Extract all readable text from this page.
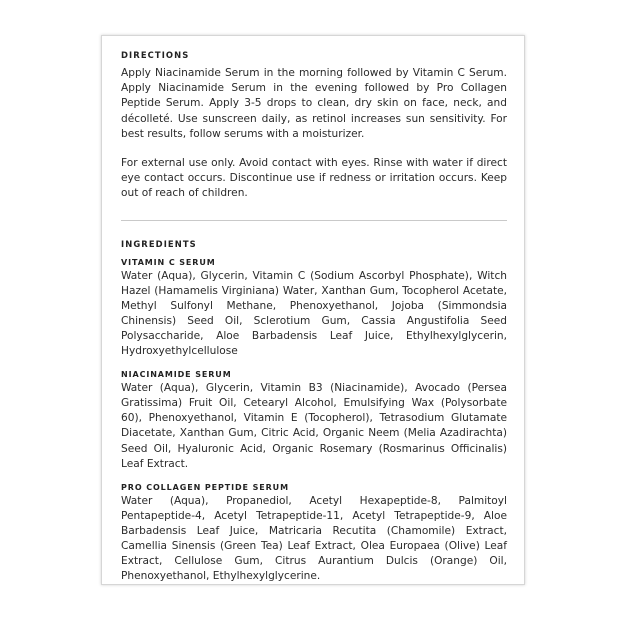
DIRECTIONS

Apply Niacinamide Serum in the morning followed by Vitamin C Serum. Apply Niacinamide Serum in the evening followed by Pro Collagen Peptide Serum. Apply 3-5 drops to clean, dry skin on face, neck, and décolleté. Use sunscreen daily, as retinol increases sun sensitivity. For best results, follow serums with a moisturizer.

For external use only. Avoid contact with eyes. Rinse with water if direct eye contact occurs. Discontinue use if redness or irritation occurs. Keep out of reach of children.

INGREDIENTS

VITAMIN C SERUM

Water (Aqua), Glycerin, Vitamin C (Sodium Ascorbyl Phosphate), Witch Hazel (Hamamelis Virginiana) Water, Xanthan Gum, Tocopherol Acetate, Methyl Sulfonyl Methane, Phenoxyethanol, Jojoba (Simmondsia Chinensis) Seed Oil, Sclerotium Gum, Cassia Angustifolia Seed Polysaccharide, Aloe Barbadensis Leaf Juice, Ethylhexylglycerin, Hydroxyethylcellulose

NIACINAMIDE SERUM

Water (Aqua), Glycerin, Vitamin B3 (Niacinamide), Avocado (Persea Gratissima) Fruit Oil, Cetearyl Alcohol, Emulsifying Wax (Polysorbate 60), Phenoxyethanol, Vitamin E (Tocopherol), Tetrasodium Glutamate Diacetate, Xanthan Gum, Citric Acid, Organic Neem (Melia Azadirachta) Seed Oil, Hyaluronic Acid, Organic Rosemary (Rosmarinus Officinalis) Leaf Extract.

PRO COLLAGEN PEPTIDE SERUM

Water (Aqua), Propanediol, Acetyl Hexapeptide-8, Palmitoyl Pentapeptide-4, Acetyl Tetrapeptide-11, Acetyl Tetrapeptide-9, Aloe Barbadensis Leaf Juice, Matricaria Recutita (Chamomile) Extract, Camellia Sinensis (Green Tea) Leaf Extract, Olea Europaea (Olive) Leaf Extract, Cellulose Gum, Citrus Aurantium Dulcis (Orange) Oil, Phenoxyethanol, Ethylhexylglycerine.
